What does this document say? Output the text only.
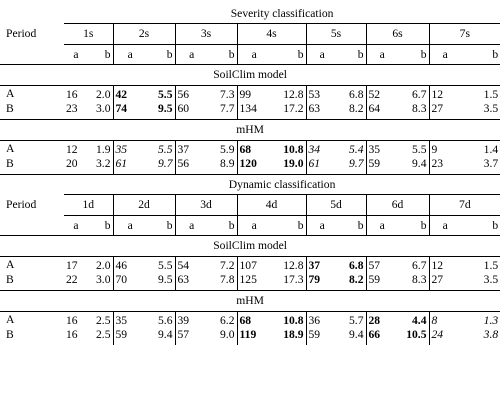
Period	Severity classification													
	1s		2s		3s		4s		5s		6s		7s	
	a	b	a	b	a	b	a	b	a	b	a	b	a	b
SoilClim model														
A	16	2.0	42	5.5	56	7.3	99	12.8	53	6.8	52	6.7	12	1.5
B	23	3.0	74	9.5	60	7.7	134	17.2	63	8.2	64	8.3	27	3.5
mHM														
A	12	1.9	35	5.5	37	5.9	68	10.8	34	5.4	35	5.5	9	1.4
B	20	3.2	61	9.7	56	8.9	120	19.0	61	9.7	59	9.4	23	3.7
Period	Dynamic classification													
	1d		2d		3d		4d		5d		6d		7d	
	a	b	a	b	a	b	a	b	a	b	a	b	a	b
SoilClim model														
A	17	2.0	46	5.5	54	7.2	107	12.8	37	6.8	57	6.7	12	1.5
B	22	3.0	70	9.5	63	7.8	125	17.3	79	8.2	59	8.3	27	3.5
mHM														
A	16	2.5	35	5.6	39	6.2	68	10.8	36	5.7	28	4.4	8	1.3
B	16	2.5	59	9.4	57	9.0	119	18.9	59	9.4	66	10.5	24	3.8
